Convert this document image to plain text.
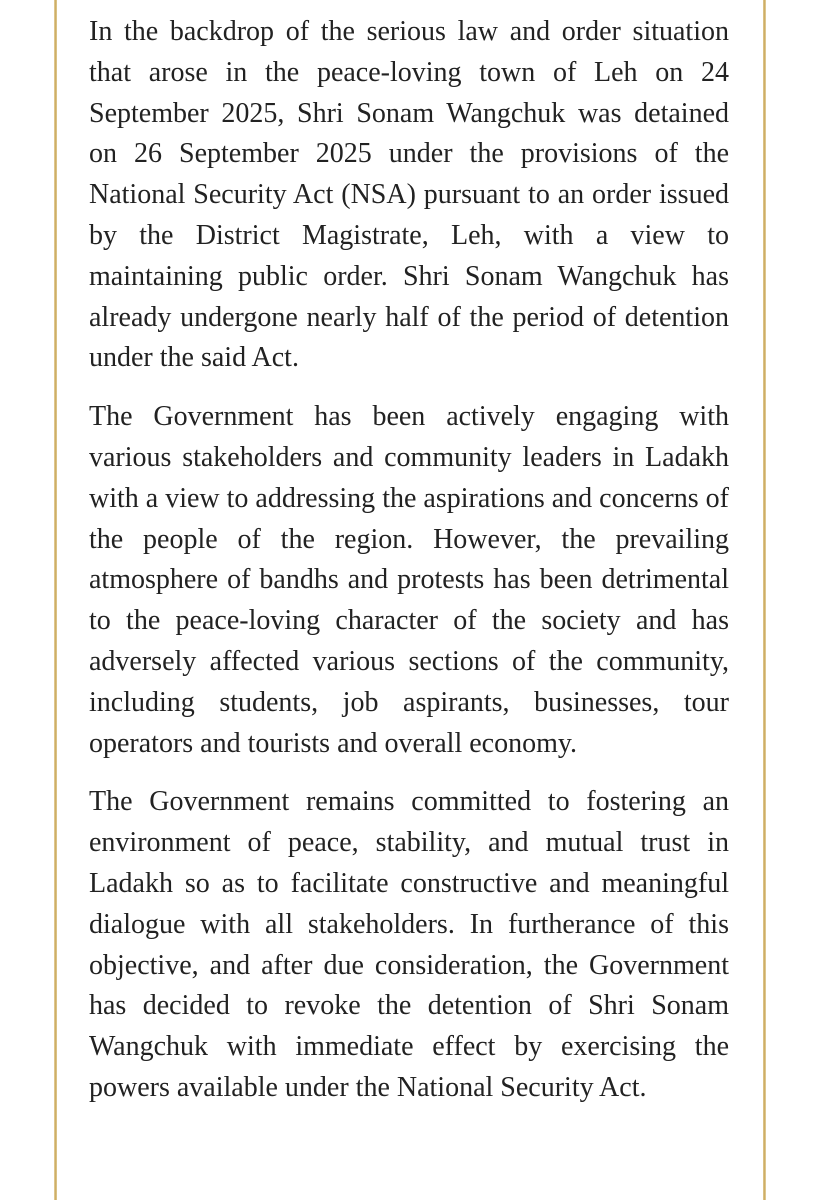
In the backdrop of the serious law and order situation that arose in the peace-loving town of Leh on 24 September 2025, Shri Sonam Wangchuk was detained on 26 September 2025 under the provisions of the National Security Act (NSA) pursuant to an order issued by the District Magistrate, Leh, with a view to maintaining public order. Shri Sonam Wangchuk has already undergone nearly half of the period of detention under the said Act.

The Government has been actively engaging with various stakeholders and community leaders in Ladakh with a view to addressing the aspirations and concerns of the people of the region. However, the prevailing atmosphere of bandhs and protests has been detrimental to the peace-loving character of the society and has adversely affected various sections of the community, including students, job aspirants, businesses, tour operators and tourists and overall economy.

The Government remains committed to fostering an environment of peace, stability, and mutual trust in Ladakh so as to facilitate constructive and meaningful dialogue with all stakeholders. In furtherance of this objective, and after due consideration, the Government has decided to revoke the detention of Shri Sonam Wangchuk with immediate effect by exercising the powers available under the National Security Act.
